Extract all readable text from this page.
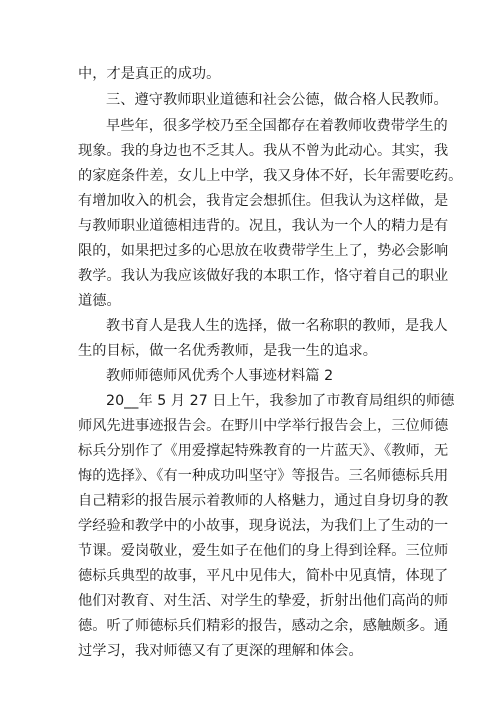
中，才是真正的成功。
三、遵守教师职业道德和社会公德，做合格人民教师。
早些年，很多学校乃至全国都存在着教师收费带学生的
现象。我的身边也不乏其人。我从不曾为此动心。其实，我
的家庭条件差，女儿上中学，我又身体不好，长年需要吃药。
有增加收入的机会，我肯定会想抓住。但我认为这样做，是
与教师职业道德相违背的。况且，我认为一个人的精力是有
限的，如果把过多的心思放在收费带学生上了，势必会影响
教学。我认为我应该做好我的本职工作，恪守着自己的职业
道德。
教书育人是我人生的选择，做一名称职的教师，是我人
生的目标，做一名优秀教师，是我一生的追求。
教师师德师风优秀个人事迹材料篇 2
20__年 5 月 27 日上午，我参加了市教育局组织的师德
师风先进事迹报告会。在野川中学举行报告会上，三位师德
标兵分别作了《用爱撑起特殊教育的一片蓝天》、《教师，无
悔的选择》、《有一种成功叫坚守》等报告。三名师德标兵用
自己精彩的报告展示着教师的人格魅力，通过自身切身的教
学经验和教学中的小故事，现身说法，为我们上了生动的一
节课。爱岗敬业，爱生如子在他们的身上得到诠释。三位师
德标兵典型的故事，平凡中见伟大，简朴中见真情，体现了
他们对教育、对生活、对学生的挚爱，折射出他们高尚的师
德。听了师德标兵们精彩的报告，感动之余，感触颇多。通
过学习，我对师德又有了更深的理解和体会。
